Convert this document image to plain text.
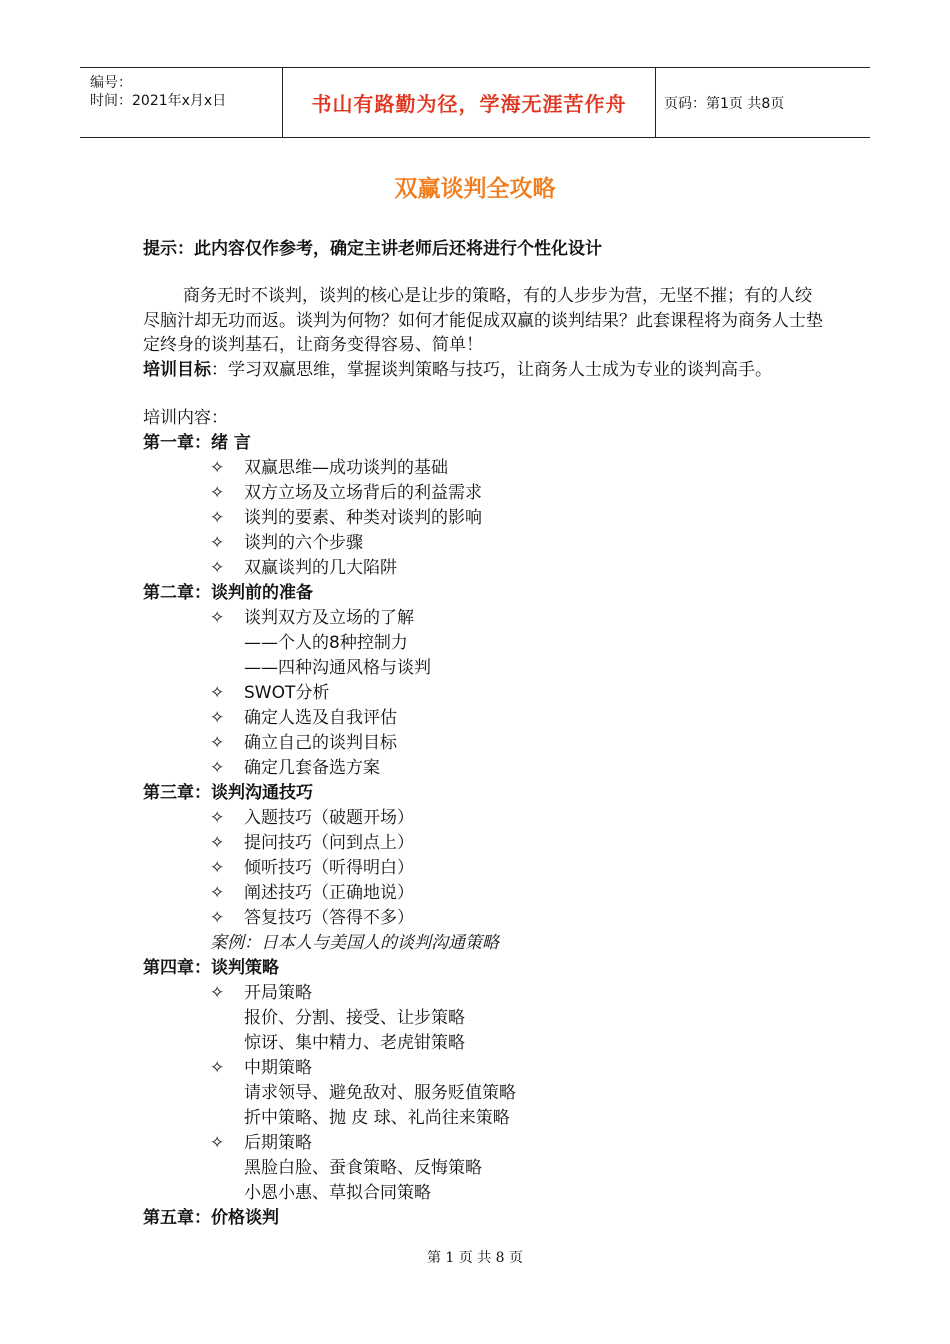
编号：
时间：2021年x月x日	书山有路勤为径，学海无涯苦作舟	页码：第1页 共8页
双赢谈判全攻略
提示：此内容仅作参考，确定主讲老师后还将进行个性化设计

商务无时不谈判，谈判的核心是让步的策略，有的人步步为营，无坚不摧；有的人绞尽脑汁却无功而返。谈判为何物？如何才能促成双赢的谈判结果？此套课程将为商务人士垫定终身的谈判基石，让商务变得容易、简单！

培训目标：学习双赢思维，掌握谈判策略与技巧，让商务人士成为专业的谈判高手。

培训内容：
第一章：绪 言
✧	双赢思维—成功谈判的基础
✧	双方立场及立场背后的利益需求
✧	谈判的要素、种类对谈判的影响
✧	谈判的六个步骤
✧	双赢谈判的几大陷阱
第二章：谈判前的准备
✧	谈判双方及立场的了解
——个人的8种控制力
——四种沟通风格与谈判
✧	SWOT分析
✧	确定人选及自我评估
✧	确立自己的谈判目标
✧	确定几套备选方案
第三章：谈判沟通技巧
✧	入题技巧（破题开场）
✧	提问技巧（问到点上）
✧	倾听技巧（听得明白）
✧	阐述技巧（正确地说）
✧	答复技巧（答得不多）
案例：日本人与美国人的谈判沟通策略
第四章：谈判策略
✧	开局策略
报价、分割、接受、让步策略
惊讶、集中精力、老虎钳策略
✧	中期策略
请求领导、避免敌对、服务贬值策略
折中策略、抛 皮 球、礼尚往来策略
✧	后期策略
黑脸白脸、蚕食策略、反悔策略
小恩小惠、草拟合同策略
第五章：价格谈判
第 1 页 共 8 页
